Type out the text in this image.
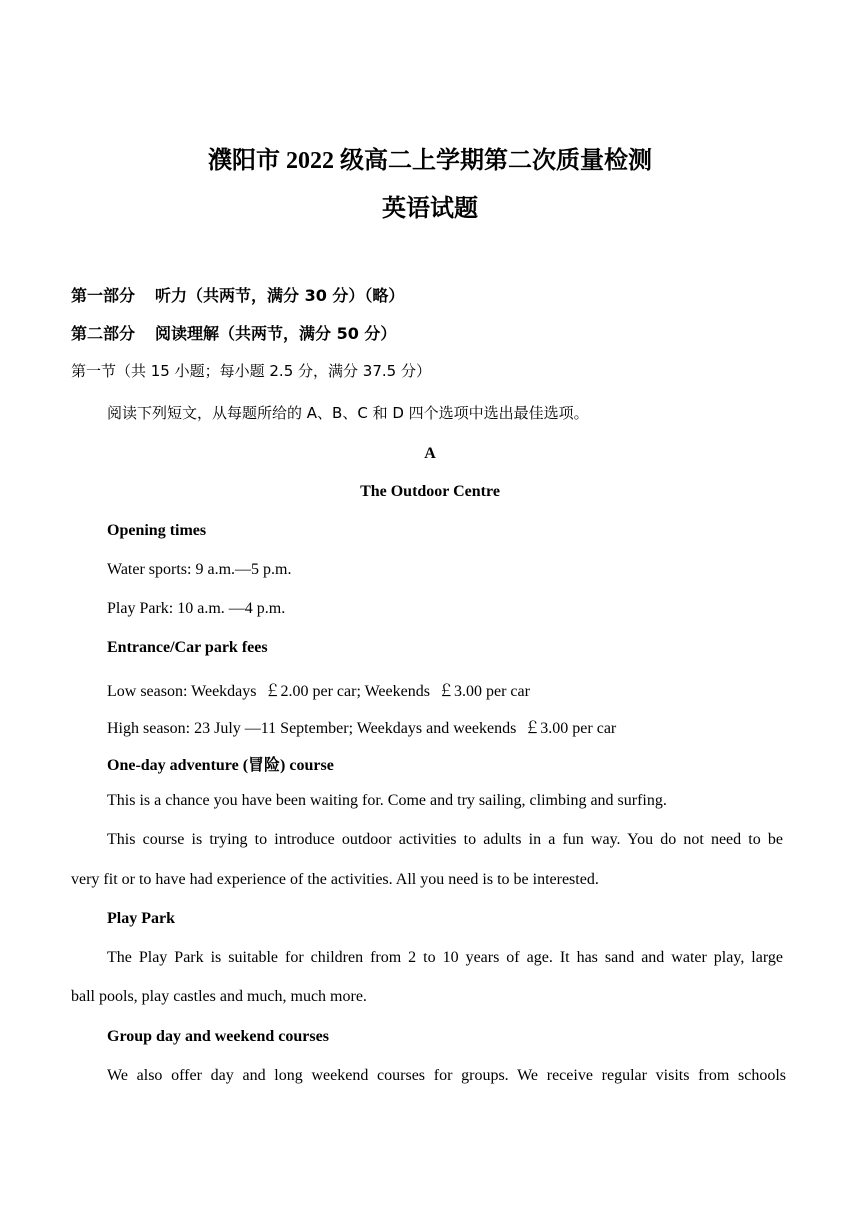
濮阳市 2022 级高二上学期第二次质量检测
英语试题
第一部分 听力（共两节，满分 30 分）（略）
第二部分 阅读理解（共两节，满分 50 分）
第一节（共 15 小题；每小题 2.5 分，满分 37.5 分）
阅读下列短文，从每题所给的 A、B、C 和 D 四个选项中选出最佳选项。
A
The Outdoor Centre
Opening times
Water sports: 9 a.m.—5 p.m.
Play Park: 10 a.m. —4 p.m.
Entrance/Car park fees
Low season: Weekdays  ￡2.00 per car; Weekends  ￡3.00 per car
High season: 23 July —11 September; Weekdays and weekends  ￡3.00 per car
One-day adventure (冒险) course
This is a chance you have been waiting for. Come and try sailing, climbing and surfing.
This course is trying to introduce outdoor activities to adults in a fun way. You do not need to be
very fit or to have had experience of the activities. All you need is to be interested.
Play Park
The Play Park is suitable for children from 2 to 10 years of age. It has sand and water play, large
ball pools, play castles and much, much more.
Group day and weekend courses
We also offer day and long weekend courses for groups. We receive regular visits from schools
